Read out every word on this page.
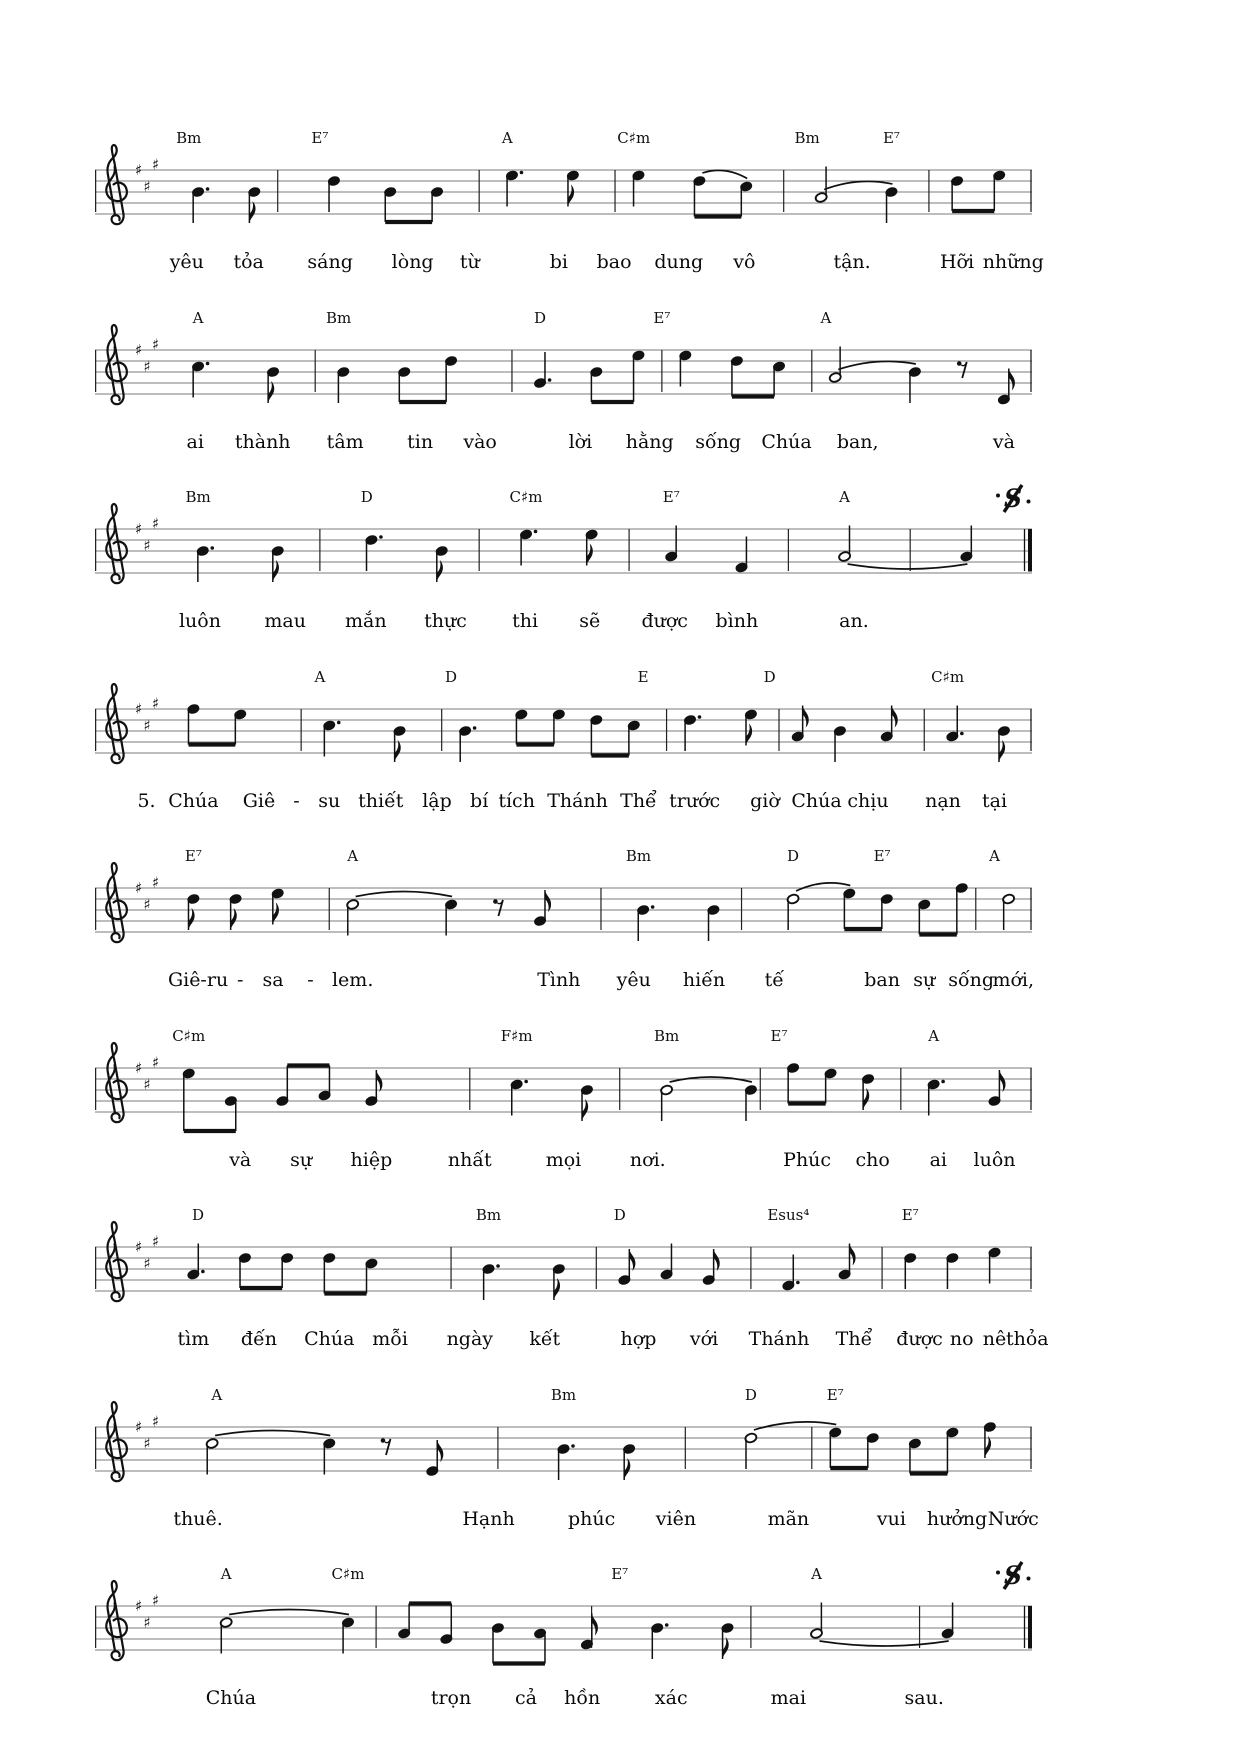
Bm	E⁷	A	C♯m	Bm	E⁷
♯
♯
♯
yêu tỏa sáng lòng từ	bi bao dung vô	tận.	Hỡi những
A	Bm	D	E⁷	A
♯
♯
♯
ai thành tâm tin vào	lời hằng sống Chúa ban,	và
Bm	D	C♯m	E⁷	A
♯
♯
♯
S
luôn mau mắn thực thi sẽ được bình	an.
A	D	E	D	C♯m
♯
♯
♯
5. Chúa Giê - su thiết lập bí tích Thánh Thể trước giờ Chúa chịu nạn tại
E⁷	A	Bm	D	E⁷	A
♯
♯
♯
Giê-ru - sa - lem.	Tình yêu hiến tế	ban sự sống
mới,
C♯m	F♯m	Bm	E⁷	A
♯
♯
♯
và sự hiệp	nhất	mọi	nơi.	Phúc cho ai luôn
D	Bm	D	Esus⁴	E⁷
♯
♯
♯
tìm đến Chúa mỗi ngày kết	hợp với Thánh Thể được no nê thỏa
A	Bm	D	E⁷
♯
♯
♯
thuê.	Hạnh	phúc viên	mãn	vui hưởng Nước
A	C♯m	E⁷	A
♯
♯
♯
S
Chúa	trọn cả hồn	xác	mai	sau.
